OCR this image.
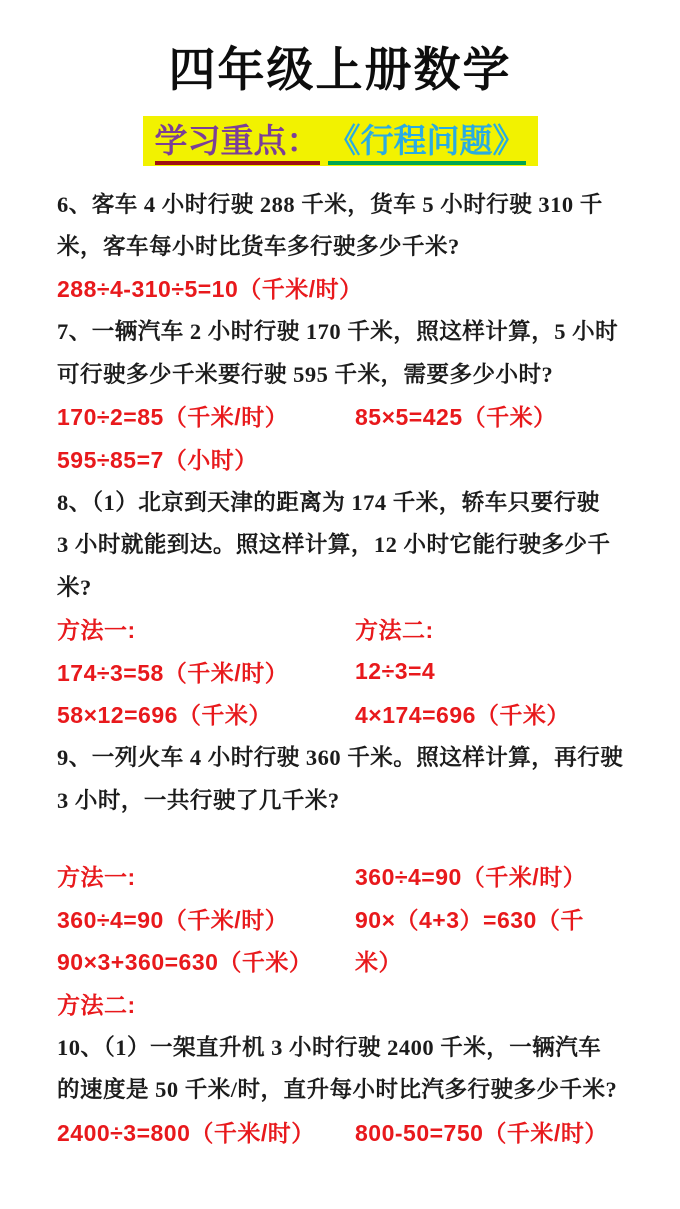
四年级上册数学
学习重点： 《行程问题》
6、客车 4 小时行驶 288 千米，货车 5 小时行驶 310 千
米，客车每小时比货车多行驶多少千米?
288÷4-310÷5=10（千米/时）
7、一辆汽车 2 小时行驶 170 千米，照这样计算，5 小时
可行驶多少千米要行驶 595 千米，需要多少小时?
170÷2=85（千米/时）	85×5=425（千米）
595÷85=7（小时）
8、（1）北京到天津的距离为 174 千米，轿车只要行驶
3 小时就能到达。照这样计算，12 小时它能行驶多少千
米?
方法一:	方法二:
174÷3=58（千米/时）	12÷3=4
58×12=696（千米）	4×174=696（千米）
9、一列火车 4 小时行驶 360 千米。照这样计算，再行驶
3 小时，一共行驶了几千米?
方法一:	360÷4=90（千米/时）
360÷4=90（千米/时）	90×（4+3）=630（千
90×3+360=630（千米）	米）
方法二:
10、（1）一架直升机 3 小时行驶 2400 千米，一辆汽车
的速度是 50 千米/时，直升每小时比汽多行驶多少千米?
2400÷3=800（千米/时）	800-50=750（千米/时）
